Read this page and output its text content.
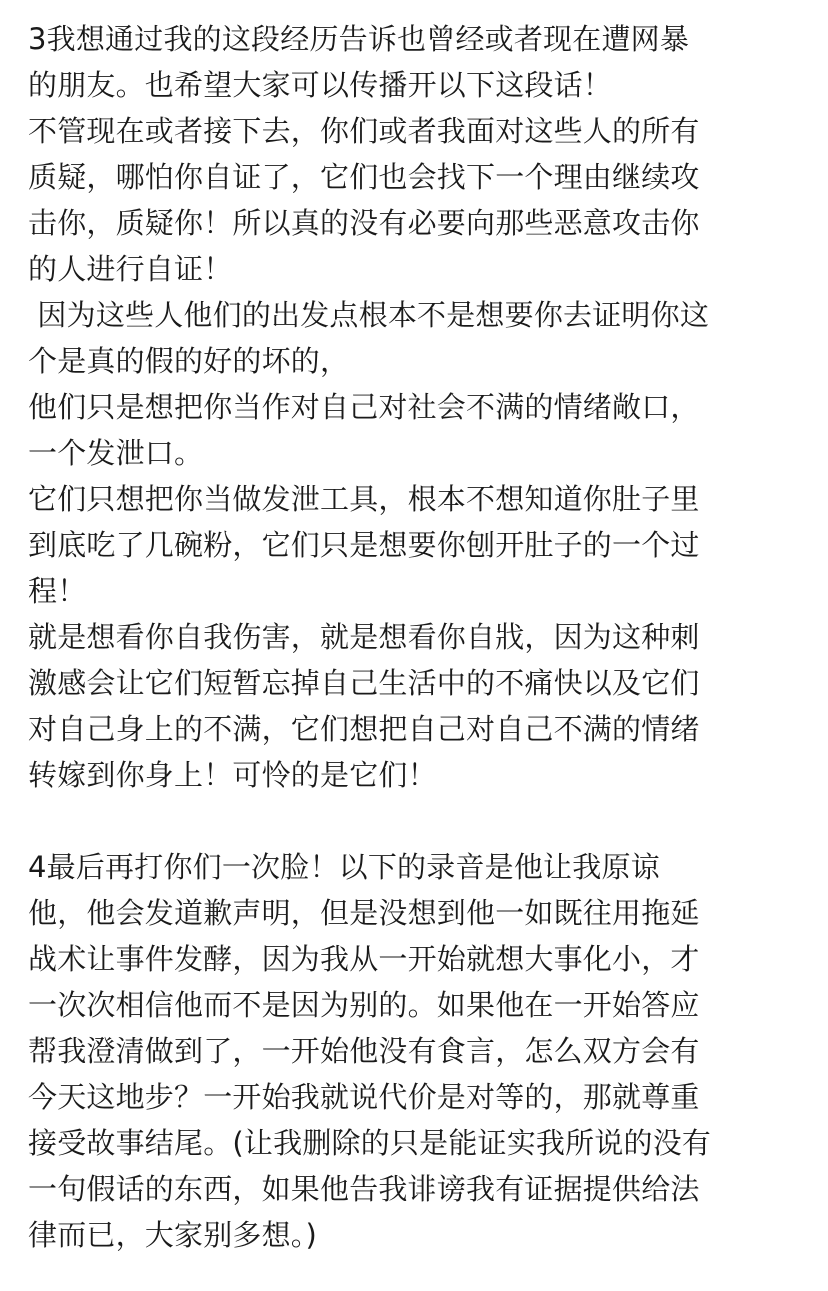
3我想通过我的这段经历告诉也曾经或者现在遭网暴
的朋友。也希望大家可以传播开以下这段话！
不管现在或者接下去，你们或者我面对这些人的所有
质疑，哪怕你自证了，它们也会找下一个理由继续攻
击你，质疑你！所以真的没有必要向那些恶意攻击你
的人进行自证！
因为这些人他们的出发点根本不是想要你去证明你这
个是真的假的好的坏的，
他们只是想把你当作对自己对社会不满的情绪敞口，
一个发泄口。
它们只想把你当做发泄工具，根本不想知道你肚子里
到底吃了几碗粉，它们只是想要你刨开肚子的一个过
程！
就是想看你自我伤害，就是想看你自戕，因为这种刺
激感会让它们短暂忘掉自己生活中的不痛快以及它们
对自己身上的不满，它们想把自己对自己不满的情绪
转嫁到你身上！可怜的是它们！
4最后再打你们一次脸！以下的录音是他让我原谅
他，他会发道歉声明，但是没想到他一如既往用拖延
战术让事件发酵，因为我从一开始就想大事化小，才
一次次相信他而不是因为别的。如果他在一开始答应
帮我澄清做到了，一开始他没有食言，怎么双方会有
今天这地步？一开始我就说代价是对等的，那就尊重
接受故事结尾。(让我删除的只是能证实我所说的没有
一句假话的东西，如果他告我诽谤我有证据提供给法
律而已，大家别多想。)
